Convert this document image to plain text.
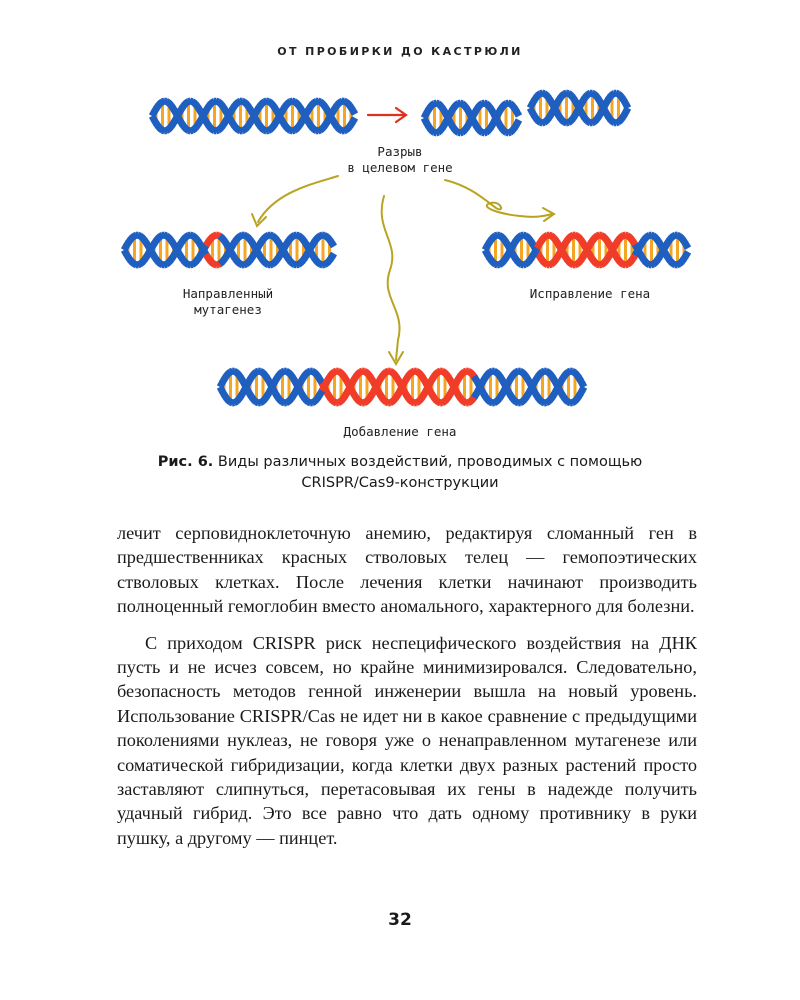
ОТ ПРОБИРКИ ДО КАСТРЮЛИ
Разрыв
в целевом гене
Направленный
мутагенез
Исправление гена
Добавление гена
Рис. 6. Виды различных воздействий, проводимых с помощью CRISPR/Cas9-конструкции

лечит серповидноклеточную анемию, редактируя сломанный ген в предшественниках красных стволовых телец — гемопоэтических стволовых клетках. После лечения клетки начинают производить полноценный гемоглобин вместо аномального, характерного для болезни.

С приходом CRISPR риск неспецифического воздействия на ДНК пусть и не исчез совсем, но крайне минимизировался. Следовательно, безопасность методов генной инженерии вышла на новый уровень. Использование CRISPR/Cas не идет ни в какое сравнение с предыдущими поколениями нуклеаз, не говоря уже о ненаправленном мутагенезе или соматической гибридизации, когда клетки двух разных растений просто заставляют слипнуться, перетасовывая их гены в надежде получить удачный гибрид. Это все равно что дать одному противнику в руки пушку, а другому — пинцет.

32
